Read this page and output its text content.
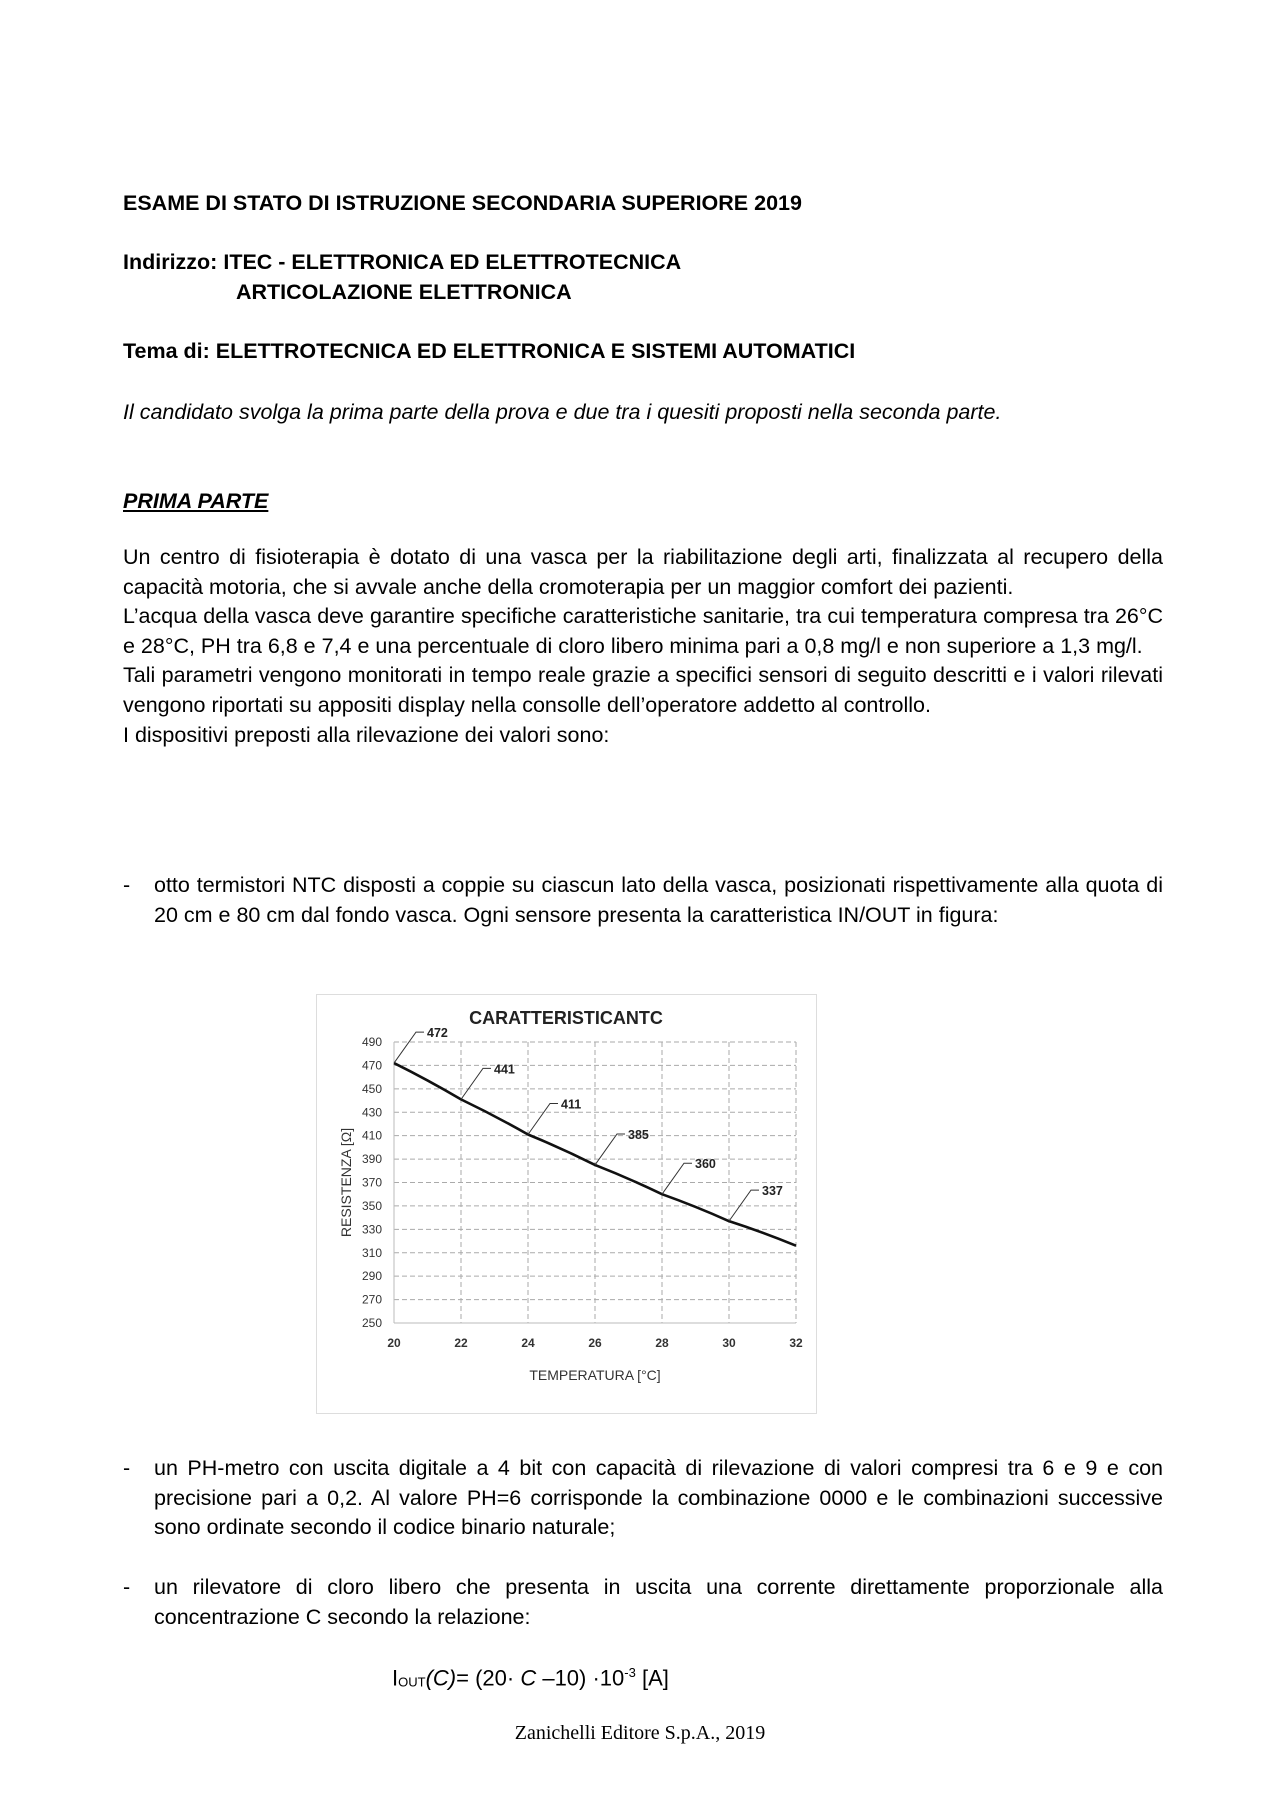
ESAME DI STATO DI ISTRUZIONE SECONDARIA SUPERIORE 2019
Indirizzo: ITEC - ELETTRONICA ED ELETTROTECNICA
ARTICOLAZIONE ELETTRONICA
Tema di: ELETTROTECNICA ED ELETTRONICA E SISTEMI AUTOMATICI
Il candidato svolga la prima parte della prova e due tra i quesiti proposti nella seconda parte.
PRIMA PARTE
Un centro di fisioterapia è dotato di una vasca per la riabilitazione degli arti, finalizzata al recupero della capacità motoria, che si avvale anche della cromoterapia per un maggior comfort dei pazienti.
L’acqua della vasca deve garantire specifiche caratteristiche sanitarie, tra cui temperatura compresa tra 26°C e 28°C, PH tra 6,8 e 7,4 e una percentuale di cloro libero minima pari a 0,8 mg/l e non superiore a 1,3 mg/l.
Tali parametri vengono monitorati in tempo reale grazie a specifici sensori di seguito descritti e i valori rilevati vengono riportati su appositi display nella consolle dell’operatore addetto al controllo.
I dispositivi preposti alla rilevazione dei valori sono:
- otto termistori NTC disposti a coppie su ciascun lato della vasca, posizionati rispettivamente alla quota di 20 cm e 80 cm dal fondo vasca. Ogni sensore presenta la caratteristica IN/OUT in figura:
CARATTERISTICANTC
250
270
290
310
330
350
370
390
410
430
450
470
490
20	22	24	26	28	30	32
TEMPERATURA [°C]
RESISTENZA [Ω]
472
441
411
385
360
337
- un PH-metro con uscita digitale a 4 bit con capacità di rilevazione di valori compresi tra 6 e 9 e con precisione pari a 0,2. Al valore PH=6 corrisponde la combinazione 0000 e le combinazioni successive sono ordinate secondo il codice binario naturale;
- un rilevatore di cloro libero che presenta in uscita una corrente direttamente proporzionale alla concentrazione C secondo la relazione:
$I_{OUT}(C)= (20\cdot C$ $-10) \cdot 10^{-3}$ [A]
Zanichelli Editore S.p.A., 2019
